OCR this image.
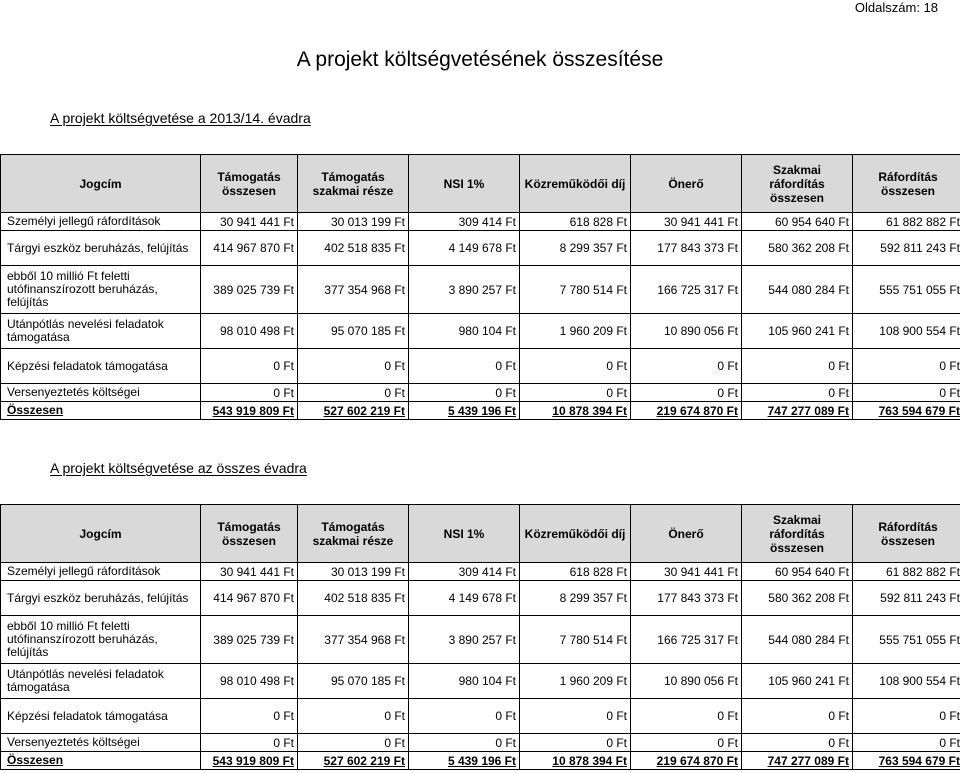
Oldalszám: 18
A projekt költségvetésének összesítése
A projekt költségvetése a 2013/14. évadra
Jogcím	Támogatás összesen	Támogatás szakmai része	NSI 1%	Közreműködői díj	Önerő	Szakmai ráfordítás összesen	Ráfordítás összesen
Személyi jellegű ráfordítások	30 941 441 Ft	30 013 199 Ft	309 414 Ft	618 828 Ft	30 941 441 Ft	60 954 640 Ft	61 882 882 Ft
Tárgyi eszköz beruházás, felújítás	414 967 870 Ft	402 518 835 Ft	4 149 678 Ft	8 299 357 Ft	177 843 373 Ft	580 362 208 Ft	592 811 243 Ft
ebből 10 millió Ft feletti utófinanszírozott beruházás, felújítás	389 025 739 Ft	377 354 968 Ft	3 890 257 Ft	7 780 514 Ft	166 725 317 Ft	544 080 284 Ft	555 751 055 Ft
Utánpótlás nevelési feladatok támogatása	98 010 498 Ft	95 070 185 Ft	980 104 Ft	1 960 209 Ft	10 890 056 Ft	105 960 241 Ft	108 900 554 Ft
Képzési feladatok támogatása	0 Ft	0 Ft	0 Ft	0 Ft	0 Ft	0 Ft	0 Ft
Versenyeztetés költségei	0 Ft	0 Ft	0 Ft	0 Ft	0 Ft	0 Ft	0 Ft
Összesen	543 919 809 Ft	527 602 219 Ft	5 439 196 Ft	10 878 394 Ft	219 674 870 Ft	747 277 089 Ft	763 594 679 Ft
A projekt költségvetése az összes évadra
Jogcím	Támogatás összesen	Támogatás szakmai része	NSI 1%	Közreműködői díj	Önerő	Szakmai ráfordítás összesen	Ráfordítás összesen
Személyi jellegű ráfordítások	30 941 441 Ft	30 013 199 Ft	309 414 Ft	618 828 Ft	30 941 441 Ft	60 954 640 Ft	61 882 882 Ft
Tárgyi eszköz beruházás, felújítás	414 967 870 Ft	402 518 835 Ft	4 149 678 Ft	8 299 357 Ft	177 843 373 Ft	580 362 208 Ft	592 811 243 Ft
ebből 10 millió Ft feletti utófinanszírozott beruházás, felújítás	389 025 739 Ft	377 354 968 Ft	3 890 257 Ft	7 780 514 Ft	166 725 317 Ft	544 080 284 Ft	555 751 055 Ft
Utánpótlás nevelési feladatok támogatása	98 010 498 Ft	95 070 185 Ft	980 104 Ft	1 960 209 Ft	10 890 056 Ft	105 960 241 Ft	108 900 554 Ft
Képzési feladatok támogatása	0 Ft	0 Ft	0 Ft	0 Ft	0 Ft	0 Ft	0 Ft
Versenyeztetés költségei	0 Ft	0 Ft	0 Ft	0 Ft	0 Ft	0 Ft	0 Ft
Összesen	543 919 809 Ft	527 602 219 Ft	5 439 196 Ft	10 878 394 Ft	219 674 870 Ft	747 277 089 Ft	763 594 679 Ft
